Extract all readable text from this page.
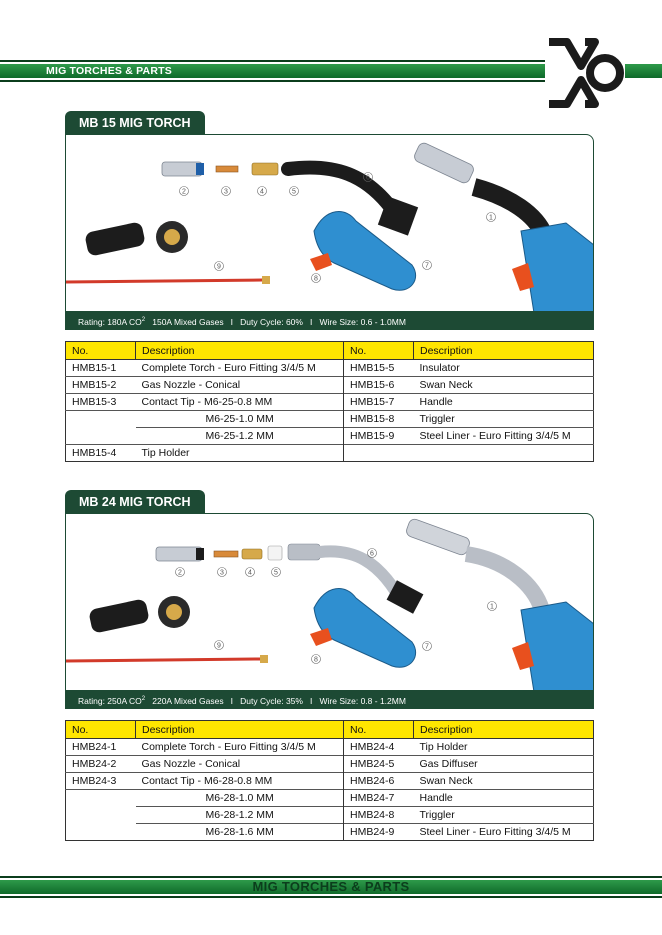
MIG TORCHES & PARTS
MB 15 MIG TORCH
2	3	4	5
6
1
7
8
9
Rating: 180A $CO^2$ 150A Mixed Gases   I   Duty Cycle: 60%   I   Wire Size: 0.6 - 1.0MM
No.	Description	No.	Description
HMB15-1	Complete Torch - Euro Fitting 3/4/5 M	HMB15-5	Insulator
HMB15-2	Gas Nozzle - Conical	HMB15-6	Swan Neck
HMB15-3	Contact Tip - M6-25-0.8 MM	HMB15-7	Handle
	M6-25-1.0 MM	HMB15-8	Triggler
	M6-25-1.2 MM	HMB15-9	Steel Liner - Euro Fitting 3/4/5 M
HMB15-4	Tip Holder		
MB 24 MIG TORCH
2	3	4	5
6
1
7
8
9
Rating: 250A $CO^2$ 220A Mixed Gases   I   Duty Cycle: 35%   I   Wire Size: 0.8 - 1.2MM
No.	Description	No.	Description
HMB24-1	Complete Torch - Euro Fitting 3/4/5 M	HMB24-4	Tip Holder
HMB24-2	Gas Nozzle - Conical	HMB24-5	Gas Diffuser
HMB24-3	Contact Tip - M6-28-0.8 MM	HMB24-6	Swan Neck
	M6-28-1.0 MM	HMB24-7	Handle
	M6-28-1.2 MM	HMB24-8	Triggler
	M6-28-1.6 MM	HMB24-9	Steel Liner - Euro Fitting 3/4/5 M
MIG TORCHES & PARTS
